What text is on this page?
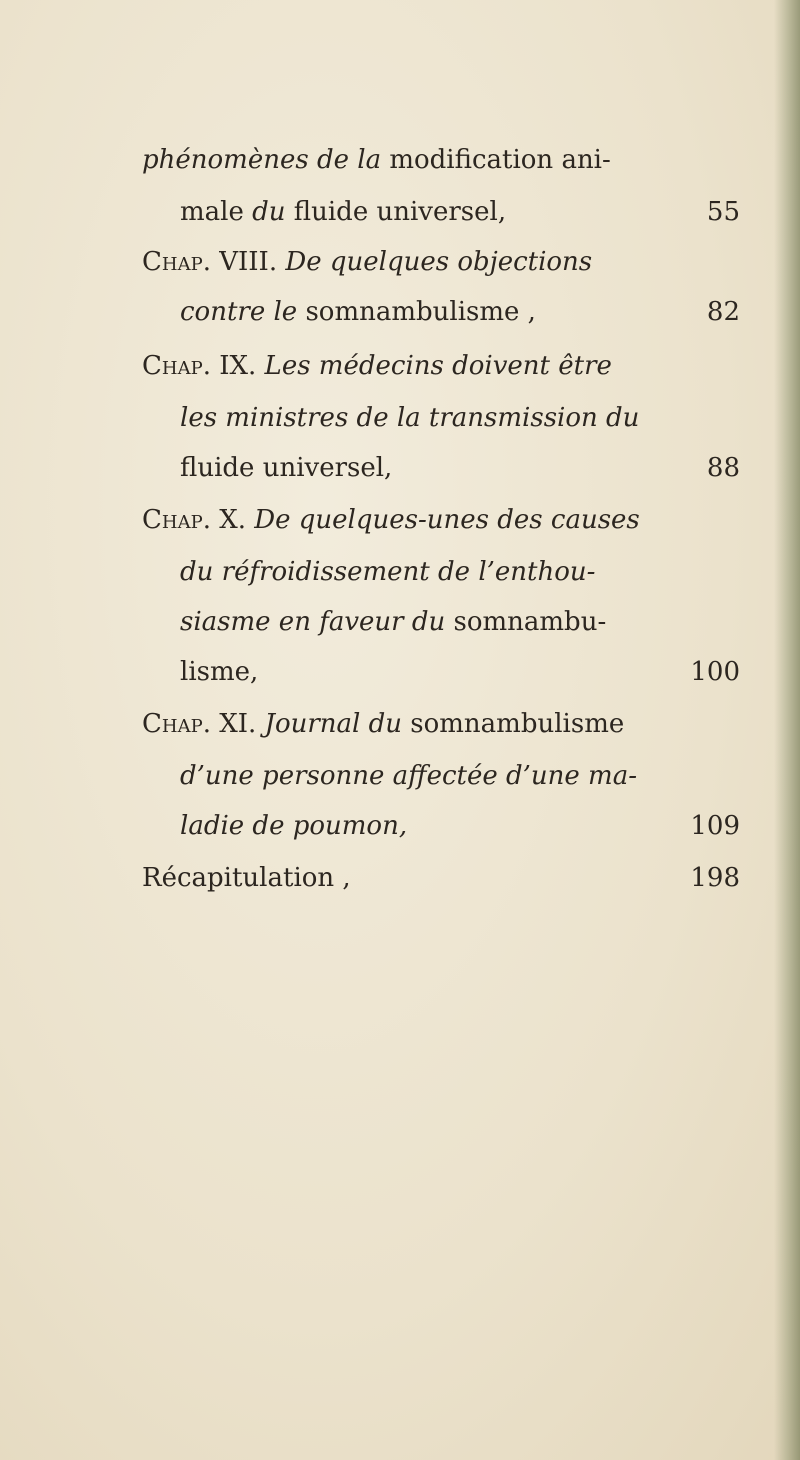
phénomènes de la modification ani-
male du fluide universel,	55
Chap. VIII. De quelques objections
contre le somnambulisme ,	82
Chap. IX. Les médecins doivent être
les ministres de la transmission du
fluide universel,	88
Chap. X. De quelques-unes des causes
du réfroidissement de l’enthou-
siasme en faveur du somnambu-
lisme,	100
Chap. XI. Journal du somnambulisme
d’une personne affectée d’une ma-
ladie de poumon,	109
Récapitulation ,	198
